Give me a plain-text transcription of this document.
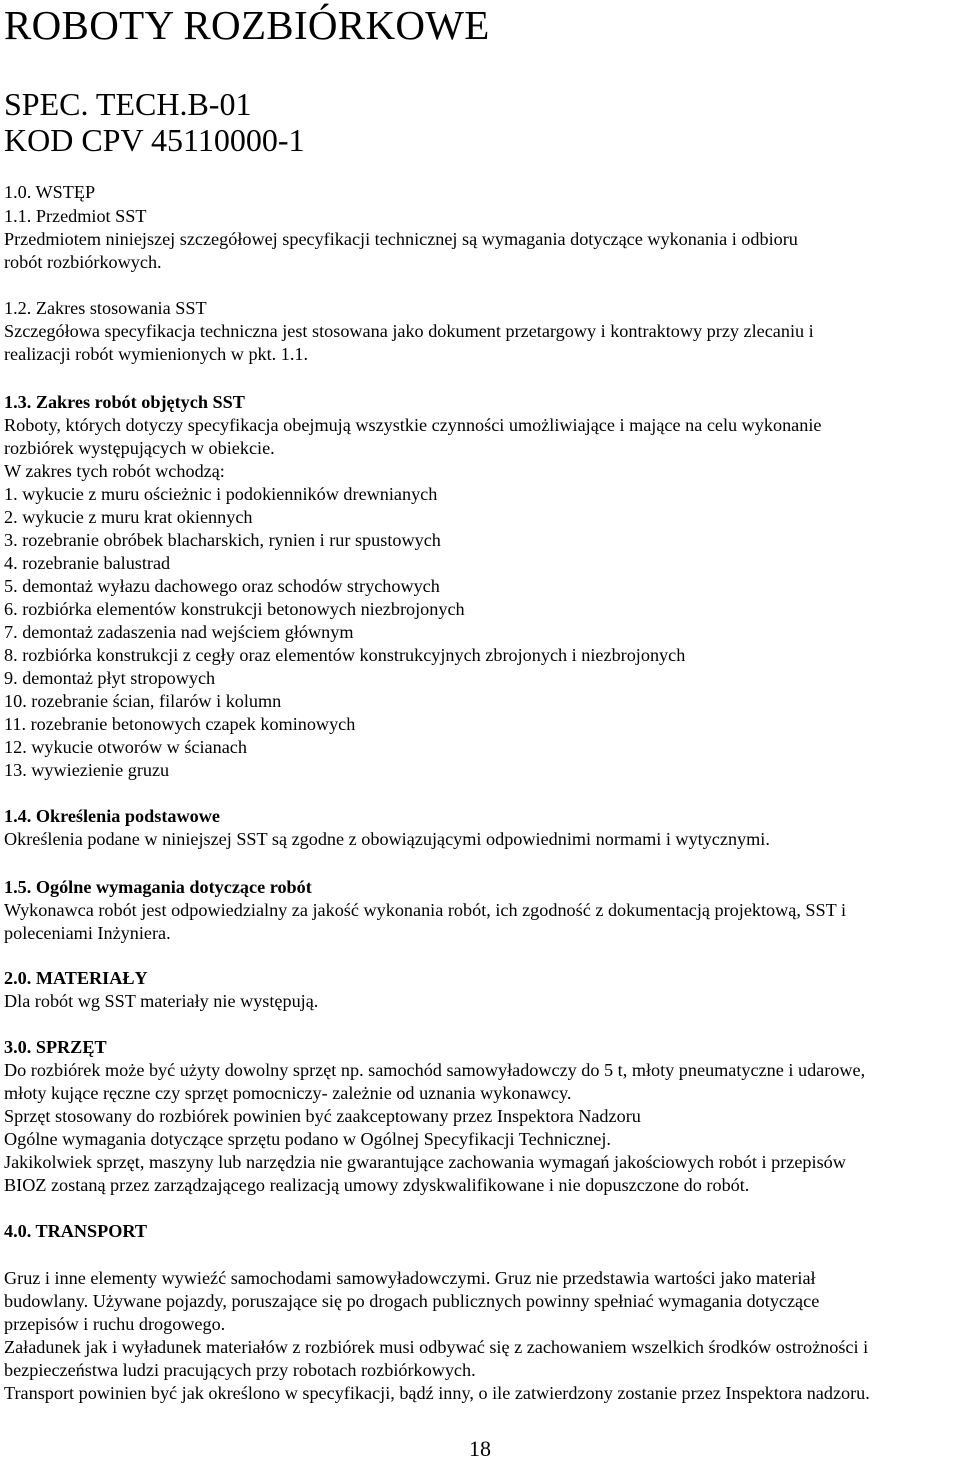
ROBOTY ROZBIÓRKOWE
SPEC. TECH.B-01
KOD CPV 45110000-1
1.0. WSTĘP
1.1. Przedmiot SST
Przedmiotem niniejszej szczegółowej specyfikacji technicznej są wymagania dotyczące wykonania i odbioru
robót rozbiórkowych.
1.2. Zakres stosowania SST
Szczegółowa specyfikacja techniczna jest stosowana jako dokument przetargowy i kontraktowy przy zlecaniu i
realizacji robót wymienionych w pkt. 1.1.
1.3. Zakres robót objętych SST
Roboty, których dotyczy specyfikacja obejmują wszystkie czynności umożliwiające i mające na celu wykonanie
rozbiórek występujących w obiekcie.
W zakres tych robót wchodzą:
1. wykucie z muru ościeżnic i podokienników drewnianych
2. wykucie z muru krat okiennych
3. rozebranie obróbek blacharskich, rynien i rur spustowych
4. rozebranie balustrad
5. demontaż wyłazu dachowego oraz schodów strychowych
6. rozbiórka elementów konstrukcji betonowych niezbrojonych
7. demontaż zadaszenia nad wejściem głównym
8. rozbiórka konstrukcji z cegły oraz elementów konstrukcyjnych zbrojonych i niezbrojonych
9. demontaż płyt stropowych
10. rozebranie ścian, filarów i kolumn
11. rozebranie betonowych czapek kominowych
12. wykucie otworów w ścianach
13. wywiezienie gruzu
1.4. Określenia podstawowe
Określenia podane w niniejszej SST są zgodne z obowiązującymi odpowiednimi normami i wytycznymi.
1.5. Ogólne wymagania dotyczące robót
Wykonawca robót jest odpowiedzialny za jakość wykonania robót, ich zgodność z dokumentacją projektową, SST i
poleceniami Inżyniera.
2.0. MATERIAŁY
Dla robót wg SST materiały nie występują.
3.0. SPRZĘT
Do rozbiórek może być użyty dowolny sprzęt np. samochód samowyładowczy do 5 t, młoty pneumatyczne i udarowe,
młoty kujące ręczne czy sprzęt pomocniczy- zależnie od uznania wykonawcy.
Sprzęt stosowany do rozbiórek powinien być zaakceptowany przez Inspektora Nadzoru
Ogólne wymagania dotyczące sprzętu podano w Ogólnej Specyfikacji Technicznej.
Jakikolwiek sprzęt, maszyny lub narzędzia nie gwarantujące zachowania wymagań jakościowych robót i przepisów
BIOZ zostaną przez zarządzającego realizacją umowy zdyskwalifikowane i nie dopuszczone do robót.
4.0. TRANSPORT
Gruz i inne elementy wywieźć samochodami samowyładowczymi. Gruz nie przedstawia wartości jako materiał
budowlany. Używane pojazdy, poruszające się po drogach publicznych powinny spełniać wymagania dotyczące
przepisów i ruchu drogowego.
Załadunek jak i wyładunek materiałów z rozbiórek musi odbywać się z zachowaniem wszelkich środków ostrożności i
bezpieczeństwa ludzi pracujących przy robotach rozbiórkowych.
Transport powinien być jak określono w specyfikacji, bądź inny, o ile zatwierdzony zostanie przez Inspektora nadzoru.
18
